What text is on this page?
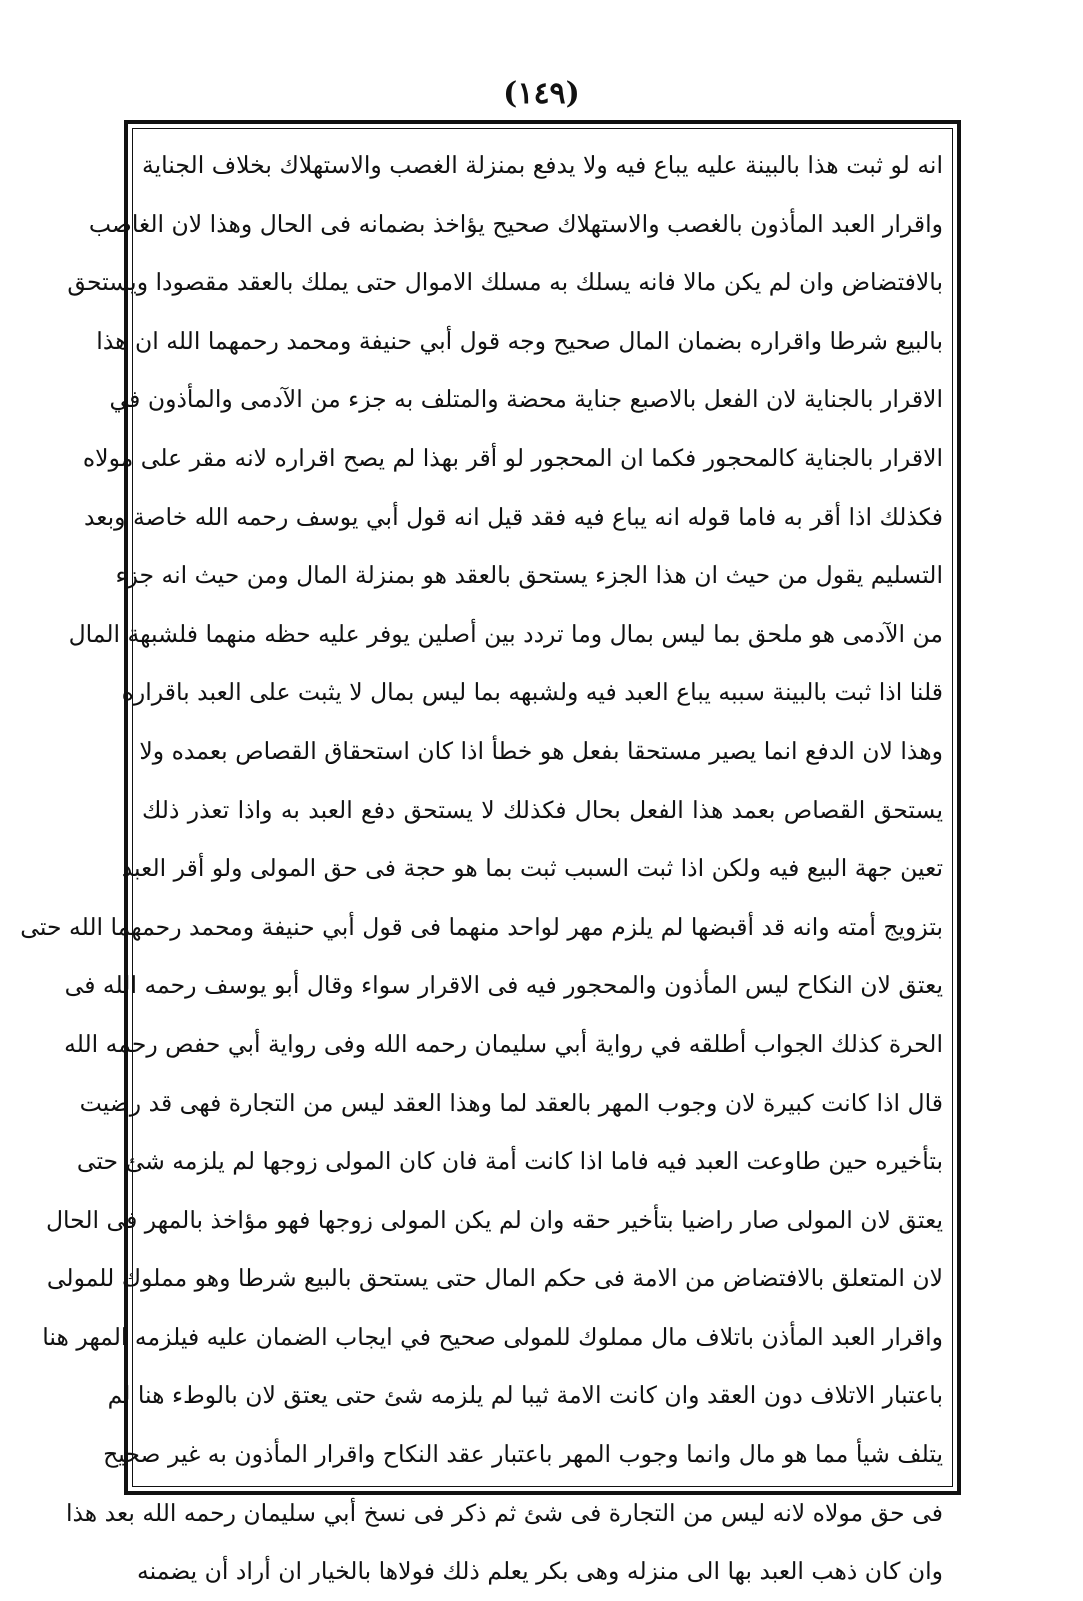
(١٤٩)
انه لو ثبت هذا بالبينة عليه يباع فيه ولا يدفع بمنزلة الغصب والاستهلاك بخلاف الجناية
واقرار العبد المأذون بالغصب والاستهلاك صحيح يؤاخذ بضمانه فى الحال وهذا لان الغاصب
بالافتضاض وان لم يكن مالا فانه يسلك به مسلك الاموال حتى يملك بالعقد مقصودا ويستحق
بالبيع شرطا واقراره بضمان المال صحيح وجه قول أبي حنيفة ومحمد رحمهما الله ان هذا
الاقرار بالجناية لان الفعل بالاصبع جناية محضة والمتلف به جزء من الآدمى والمأذون في
الاقرار بالجناية كالمحجور فكما ان المحجور لو أقر بهذا لم يصح اقراره لانه مقر على مولاه
فكذلك اذا أقر به فاما قوله انه يباع فيه فقد قيل انه قول أبي يوسف رحمه الله خاصة وبعد
التسليم يقول من حيث ان هذا الجزء يستحق بالعقد هو بمنزلة المال ومن حيث انه جزء
من الآدمى هو ملحق بما ليس بمال وما تردد بين أصلين يوفر عليه حظه منهما فلشبهة المال
قلنا اذا ثبت بالبينة سببه يباع العبد فيه ولشبهه بما ليس بمال لا يثبت على العبد باقراره
وهذا لان الدفع انما يصير مستحقا بفعل هو خطأ اذا كان استحقاق القصاص بعمده ولا
يستحق القصاص بعمد هذا الفعل بحال فكذلك لا يستحق دفع العبد به واذا تعذر ذلك
تعين جهة البيع فيه ولكن اذا ثبت السبب ثبت بما هو حجة فى حق المولى ولو أقر العبد
بتزويج أمته وانه قد أقبضها لم يلزم مهر لواحد منهما فى قول أبي حنيفة ومحمد رحمهما الله حتى
يعتق لان النكاح ليس المأذون والمحجور فيه فى الاقرار سواء وقال أبو يوسف رحمه الله فى
الحرة كذلك الجواب أطلقه في رواية أبي سليمان رحمه الله وفى رواية أبي حفص رحمه الله
قال اذا كانت كبيرة لان وجوب المهر بالعقد لما وهذا العقد ليس من التجارة فهى قد رضيت
بتأخيره حين طاوعت العبد فيه فاما اذا كانت أمة فان كان المولى زوجها لم يلزمه شئ حتى
يعتق لان المولى صار راضيا بتأخير حقه وان لم يكن المولى زوجها فهو مؤاخذ بالمهر فى الحال
لان المتعلق بالافتضاض من الامة فى حكم المال حتى يستحق بالبيع شرطا وهو مملوك للمولى
واقرار العبد المأذن باتلاف مال مملوك للمولى صحيح في ايجاب الضمان عليه فيلزمه المهر هنا
باعتبار الاتلاف دون العقد وان كانت الامة ثيبا لم يلزمه شئ حتى يعتق لان بالوطء هنا لم
يتلف شيأ مما هو مال وانما وجوب المهر باعتبار عقد النكاح واقرار المأذون به غير صحيح
فى حق مولاه لانه ليس من التجارة فى شئ ثم ذكر فى نسخ أبي سليمان رحمه الله بعد هذا
وان كان ذهب العبد بها الى منزله وهى بكر يعلم ذلك فولاها بالخيار ان أراد أن يضمنه
